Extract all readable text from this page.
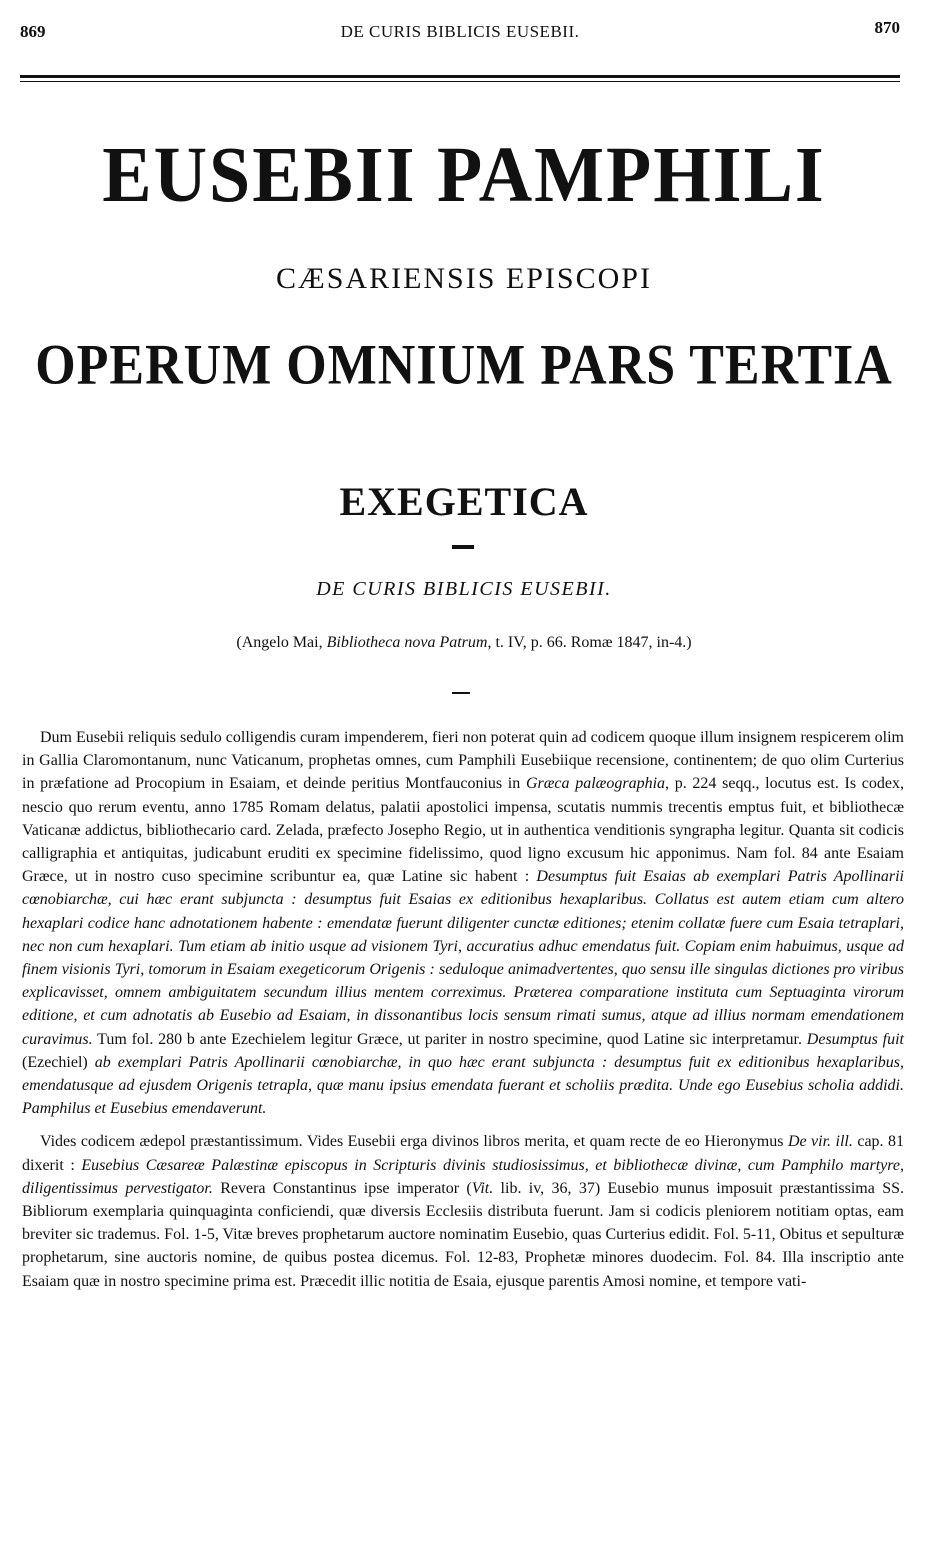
869	DE CURIS BIBLICIS EUSEBII.	870
EUSEBII PAMPHILI
CÆSARIENSIS EPISCOPI
OPERUM OMNIUM PARS TERTIA
EXEGETICA
DE CURIS BIBLICIS EUSEBII.
(Angelo Mai, Bibliotheca nova Patrum, t. IV, p. 66. Romæ 1847, in-4.)

Dum Eusebii reliquis sedulo colligendis curam impenderem, fieri non poterat quin ad codicem quoque illum insignem respicerem olim in Gallia Claromontanum, nunc Vaticanum, prophetas omnes, cum Pamphili Eusebiique recensione, continentem; de quo olim Curterius in præfatione ad Procopium in Esaiam, et deinde peritius Montfauconius in Græca palæographia, p. 224 seqq., locutus est. Is codex, nescio quo rerum eventu, anno 1785 Romam delatus, palatii apostolici impensa, scutatis nummis trecentis emptus fuit, et bibliothecæ Vaticanæ addictus, bibliothecario card. Zelada, præfecto Josepho Regio, ut in authentica venditionis syngrapha legitur. Quanta sit codicis calligraphia et antiquitas, judicabunt eruditi ex specimine fidelissimo, quod ligno excusum hic apponimus. Nam fol. 84 ante Esaiam Græce, ut in nostro cuso specimine scribuntur ea, quæ Latine sic habent : Desumptus fuit Esaias ab exemplari Patris Apollinarii cœnobiarchæ, cui hæc erant subjuncta : desumptus fuit Esaias ex editionibus hexaplaribus. Collatus est autem etiam cum altero hexaplari codice hanc adnotationem habente : emendatæ fuerunt diligenter cunctæ editiones; etenim collatæ fuere cum Esaia tetraplari, nec non cum hexaplari. Tum etiam ab initio usque ad visionem Tyri, accuratius adhuc emendatus fuit. Copiam enim habuimus, usque ad finem visionis Tyri, tomorum in Esaiam exegeticorum Origenis : seduloque animadvertentes, quo sensu ille singulas dictiones pro viribus explicavisset, omnem ambiguitatem secundum illius mentem correximus. Præterea comparatione instituta cum Septuaginta virorum editione, et cum adnotatis ab Eusebio ad Esaiam, in dissonantibus locis sensum rimati sumus, atque ad illius normam emendationem curavimus. Tum fol. 280 b ante Ezechielem legitur Græce, ut pariter in nostro specimine, quod Latine sic interpretamur. Desumptus fuit (Ezechiel) ab exemplari Patris Apollinarii cœnobiarchæ, in quo hæc erant subjuncta : desumptus fuit ex editionibus hexaplaribus, emendatusque ad ejusdem Origenis tetrapla, quæ manu ipsius emendata fuerant et scholiis prædita. Unde ego Eusebius scholia addidi. Pamphilus et Eusebius emendaverunt.

Vides codicem ædepol præstantissimum. Vides Eusebii erga divinos libros merita, et quam recte de eo Hieronymus De vir. ill. cap. 81 dixerit : Eusebius Cæsareæ Palæstinæ episcopus in Scripturis divinis studiosissimus, et bibliothecæ divinæ, cum Pamphilo martyre, diligentissimus pervestigator. Revera Constantinus ipse imperator (Vit. lib. iv, 36, 37) Eusebio munus imposuit præstantissima SS. Bibliorum exemplaria quinquaginta conficiendi, quæ diversis Ecclesiis distributa fuerunt. Jam si codicis pleniorem notitiam optas, eam breviter sic trademus. Fol. 1-5, Vitæ breves prophetarum auctore nominatim Eusebio, quas Curterius edidit. Fol. 5-11, Obitus et sepulturæ prophetarum, sine auctoris nomine, de quibus postea dicemus. Fol. 12-83, Prophetæ minores duodecim. Fol. 84. Illa inscriptio ante Esaiam quæ in nostro specimine prima est. Præcedit illic notitia de Esaia, ejusque parentis Amosi nomine, et tempore vati-
